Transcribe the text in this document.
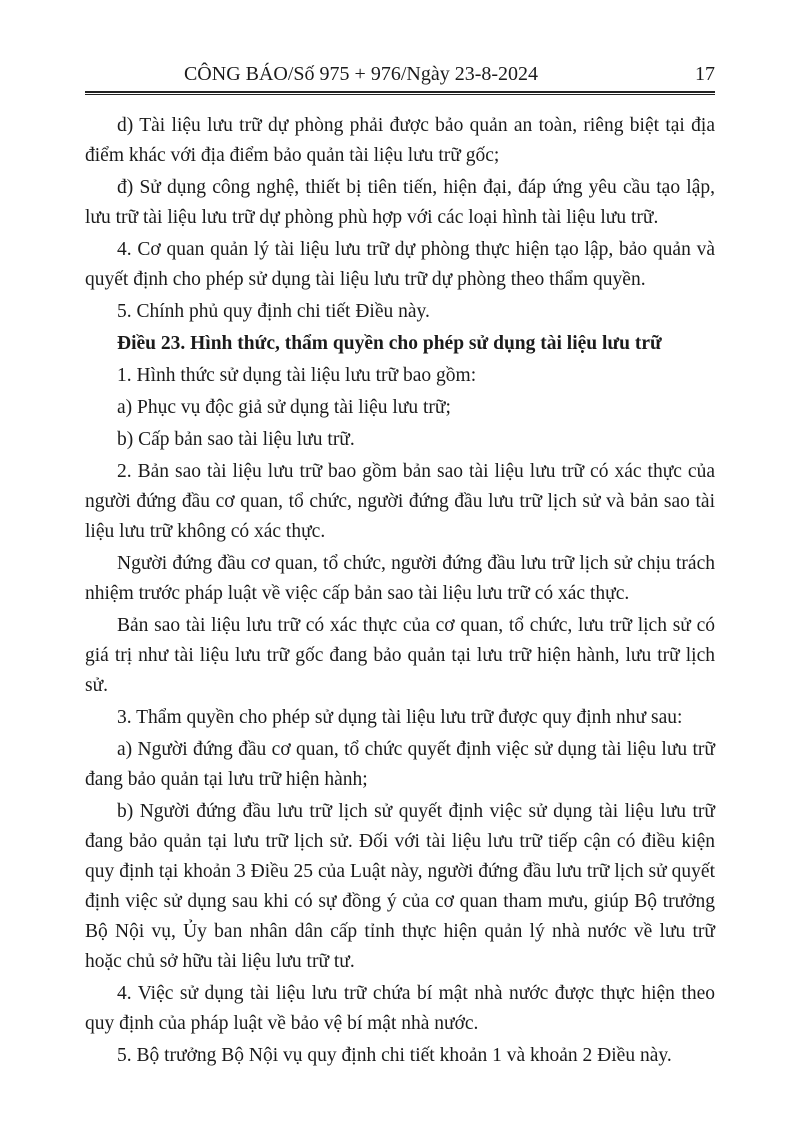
CÔNG BÁO/Số 975 + 976/Ngày 23-8-2024	17

d) Tài liệu lưu trữ dự phòng phải được bảo quản an toàn, riêng biệt tại địa điểm khác với địa điểm bảo quản tài liệu lưu trữ gốc;

đ) Sử dụng công nghệ, thiết bị tiên tiến, hiện đại, đáp ứng yêu cầu tạo lập, lưu trữ tài liệu lưu trữ dự phòng phù hợp với các loại hình tài liệu lưu trữ.

4. Cơ quan quản lý tài liệu lưu trữ dự phòng thực hiện tạo lập, bảo quản và quyết định cho phép sử dụng tài liệu lưu trữ dự phòng theo thẩm quyền.

5. Chính phủ quy định chi tiết Điều này.

Điều 23. Hình thức, thẩm quyền cho phép sử dụng tài liệu lưu trữ

1. Hình thức sử dụng tài liệu lưu trữ bao gồm:

a) Phục vụ độc giả sử dụng tài liệu lưu trữ;

b) Cấp bản sao tài liệu lưu trữ.

2. Bản sao tài liệu lưu trữ bao gồm bản sao tài liệu lưu trữ có xác thực của người đứng đầu cơ quan, tổ chức, người đứng đầu lưu trữ lịch sử và bản sao tài liệu lưu trữ không có xác thực.

Người đứng đầu cơ quan, tổ chức, người đứng đầu lưu trữ lịch sử chịu trách nhiệm trước pháp luật về việc cấp bản sao tài liệu lưu trữ có xác thực.

Bản sao tài liệu lưu trữ có xác thực của cơ quan, tổ chức, lưu trữ lịch sử có giá trị như tài liệu lưu trữ gốc đang bảo quản tại lưu trữ hiện hành, lưu trữ lịch sử.

3. Thẩm quyền cho phép sử dụng tài liệu lưu trữ được quy định như sau:

a) Người đứng đầu cơ quan, tổ chức quyết định việc sử dụng tài liệu lưu trữ đang bảo quản tại lưu trữ hiện hành;

b) Người đứng đầu lưu trữ lịch sử quyết định việc sử dụng tài liệu lưu trữ đang bảo quản tại lưu trữ lịch sử. Đối với tài liệu lưu trữ tiếp cận có điều kiện quy định tại khoản 3 Điều 25 của Luật này, người đứng đầu lưu trữ lịch sử quyết định việc sử dụng sau khi có sự đồng ý của cơ quan tham mưu, giúp Bộ trưởng Bộ Nội vụ, Ủy ban nhân dân cấp tỉnh thực hiện quản lý nhà nước về lưu trữ hoặc chủ sở hữu tài liệu lưu trữ tư.

4. Việc sử dụng tài liệu lưu trữ chứa bí mật nhà nước được thực hiện theo quy định của pháp luật về bảo vệ bí mật nhà nước.

5. Bộ trưởng Bộ Nội vụ quy định chi tiết khoản 1 và khoản 2 Điều này.
